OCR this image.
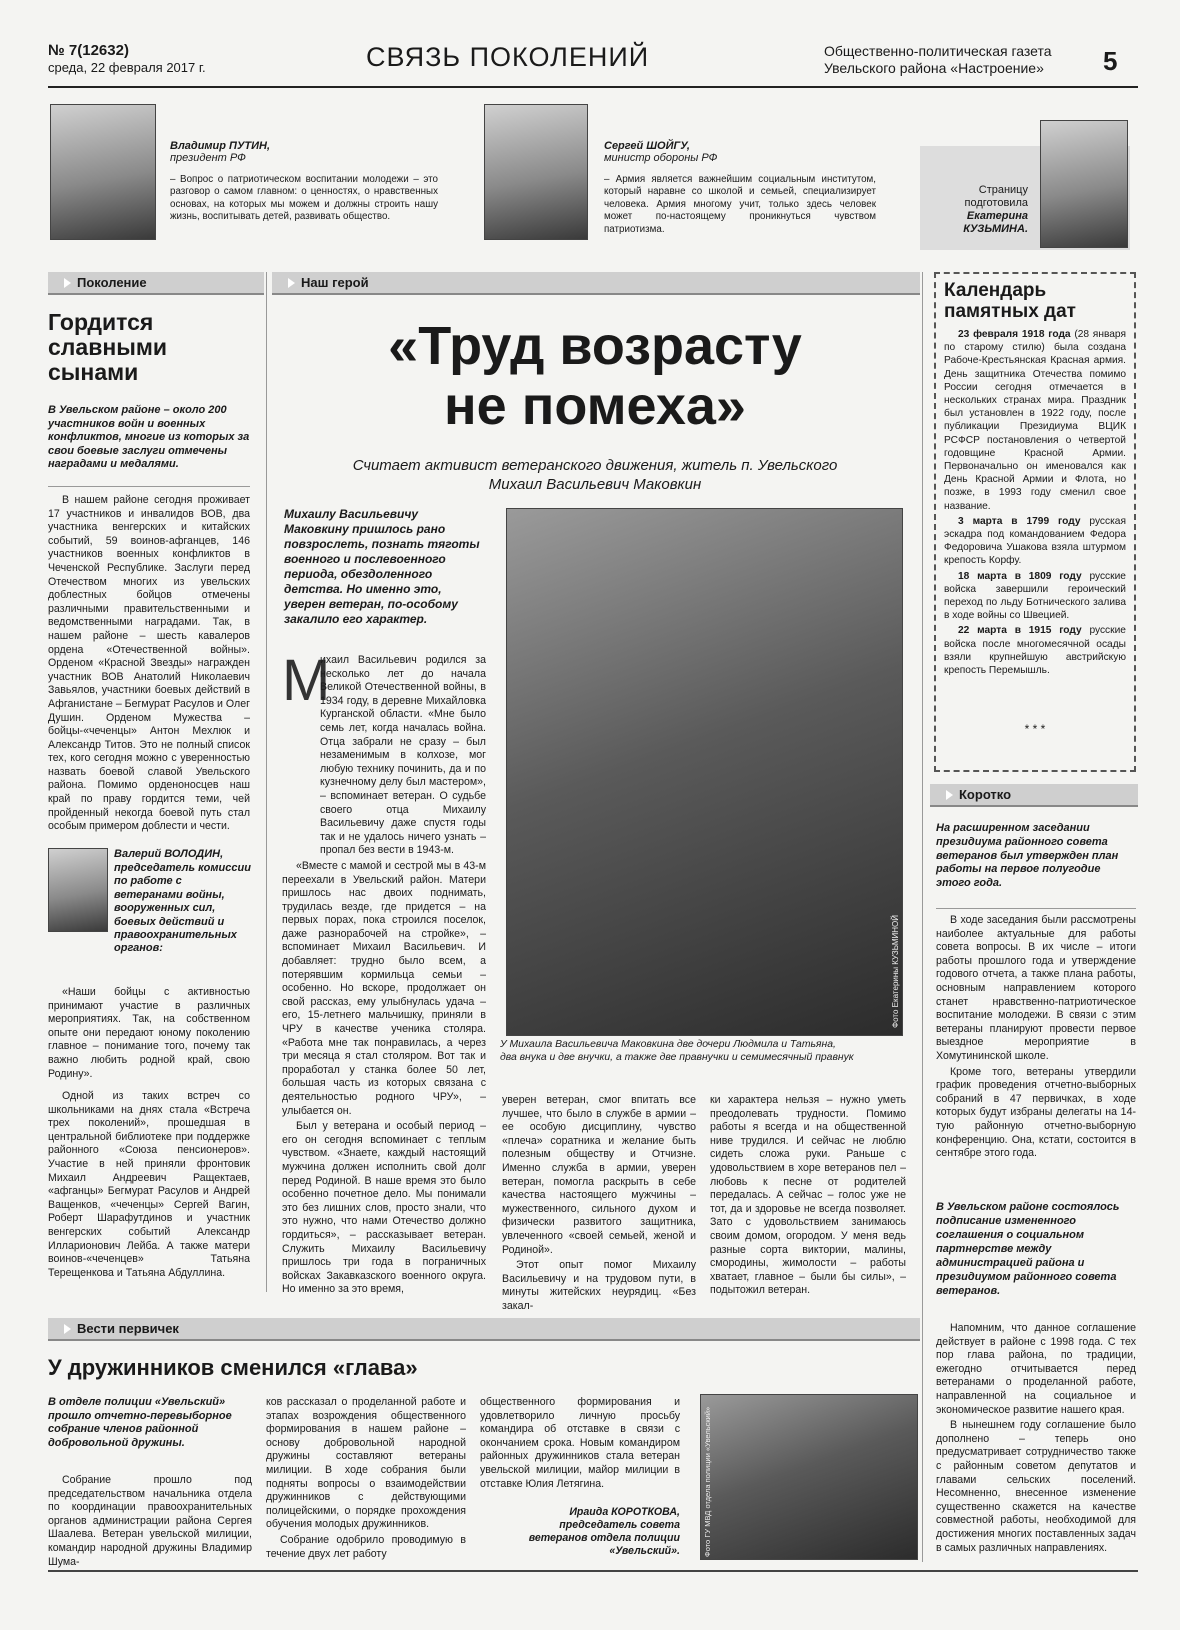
№ 7(12632)
среда, 22 февраля 2017 г.	СВЯЗЬ ПОКОЛЕНИЙ	Общественно-политическая газета
Увельского района «Настроение» 5
Владимир ПУТИН,
президент РФ
– Вопрос о патриотическом воспитании молодежи – это разговор о самом главном: о ценностях, о нравственных основах, на которых мы можем и должны строить нашу жизнь, воспитывать детей, развивать общество.
Сергей ШОЙГУ,
министр обороны РФ
– Армия является важнейшим социальным институтом, который наравне со школой и семьей, специализирует человека. Армия многому учит, только здесь человек может по-настоящему проникнуться чувством патриотизма.
Страницу
подготовила
Екатерина
КУЗЬМИНА.
Поколение	Наш герой
Гордится славными сынами
В Увельском районе – около 200 участников войн и военных конфликтов, многие из которых за свои боевые заслуги отмечены наградами и медалями.

В нашем районе сегодня проживает 17 участников и инвалидов ВОВ, два участника венгерских и китайских событий, 59 воинов-афганцев, 146 участников военных конфликтов в Чеченской Республике. Заслуги перед Отечеством многих из увельских доблестных бойцов отмечены различными правительственными и ведомственными наградами. Так, в нашем районе – шесть кавалеров ордена «Отечественной войны». Орденом «Красной Звезды» награжден участник ВОВ Анатолий Николаевич Завьялов, участники боевых действий в Афганистане – Бегмурат Расулов и Олег Душин. Орденом Мужества – бойцы-«чеченцы» Антон Мехлюк и Александр Титов. Это не полный список тех, кого сегодня можно с уверенностью назвать боевой славой Увельского района. Помимо орденоносцев наш край по праву гордится теми, чей пройденный некогда боевой путь стал особым примером доблести и чести.

Валерий ВОЛОДИН,
председатель комиссии по работе с ветеранами войны, вооруженных сил, боевых действий и правоохранительных органов:

«Наши бойцы с активностью принимают участие в различных мероприятиях. Так, на собственном опыте они передают юному поколению главное – понимание того, почему так важно любить родной край, свою Родину».

Одной из таких встреч со школьниками на днях стала «Встреча трех поколений», прошедшая в центральной библиотеке при поддержке районного «Союза пенсионеров». Участие в ней приняли фронтовик Михаил Андреевич Ращектаев, «афганцы» Бегмурат Расулов и Андрей Ващенков, «чеченцы» Сергей Вагин, Роберт Шарафутдинов и участник венгерских событий Александр Илларионович Лейба. А также матери воинов-«чеченцев» Татьяна Терещенкова и Татьяна Абдуллина.

«Труд возрасту
не помеха»
Считает активист ветеранского движения, житель п. Увельского
Михаил Васильевич Маковкин
Михаилу Васильевичу Маковкину пришлось рано повзрослеть, познать тяготы военного и послевоенного периода, обездоленного детства. Но именно это, уверен ветеран, по-особому закалило его характер.
Фото Екатерины КУЗЬМИНОЙ
У Михаила Васильевича Маковкина две дочери Людмила и Татьяна,
два внука и две внучки, а также две правнучки и семимесячный правнук
М

ихаил Васильевич родился за несколько лет до начала Великой Отечественной войны, в 1934 году, в деревне Михайловка Курганской области. «Мне было семь лет, когда началась война. Отца забрали не сразу – был незаменимым в колхозе, мог любую технику починить, да и по кузнечному делу был мастером», – вспоминает ветеран. О судьбе своего отца Михаилу Васильевичу даже спустя годы так и не удалось ничего узнать – пропал без вести в 1943-м.

«Вместе с мамой и сестрой мы в 43-м переехали в Увельский район. Матери пришлось нас двоих поднимать, трудилась везде, где придется – на первых порах, пока строился поселок, даже разнорабочей на стройке», – вспоминает Михаил Васильевич. И добавляет: трудно было всем, а потерявшим кормильца семьи – особенно. Но вскоре, продолжает он свой рассказ, ему улыбнулась удача – его, 15-летнего мальчишку, приняли в ЧРУ в качестве ученика столяра. «Работа мне так понравилась, а через три месяца я стал столяром. Вот так и проработал у станка более 50 лет, большая часть из которых связана с деятельностью родного ЧРУ», – улыбается он.

Был у ветерана и особый период – его он сегодня вспоминает с теплым чувством. «Знаете, каждый настоящий мужчина должен исполнить свой долг перед Родиной. В наше время это было особенно почетное дело. Мы понимали это без лишних слов, просто знали, что это нужно, что нами Отечество должно гордиться», – рассказывает ветеран. Служить Михаилу Васильевичу пришлось три года в пограничных войсках Закавказского военного округа. Но именно за это время,

уверен ветеран, смог впитать все лучшее, что было в службе в армии – ее особую дисциплину, чувство «плеча» соратника и желание быть полезным обществу и Отчизне. Именно служба в армии, уверен ветеран, помогла раскрыть в себе качества настоящего мужчины – мужественного, сильного духом и физически развитого защитника, увлеченного «своей семьей, женой и Родиной».

Этот опыт помог Михаилу Васильевичу и на трудовом пути, в минуты житейских неурядиц. «Без закал-

ки характера нельзя – нужно уметь преодолевать трудности. Помимо работы я всегда и на общественной ниве трудился. И сейчас не люблю сидеть сложа руки. Раньше с удовольствием в хоре ветеранов пел – любовь к песне от родителей передалась. А сейчас – голос уже не тот, да и здоровье не всегда позволяет. Зато с удовольствием занимаюсь своим домом, огородом. У меня ведь разные сорта виктории, малины, смородины, жимолости – работы хватает, главное – были бы силы», – подытожил ветеран.

Календарь
памятных дат

23 февраля 1918 года (28 января по старому стилю) была создана Рабоче-Крестьянская Красная армия. День защитника Отечества помимо России сегодня отмечается в нескольких странах мира. Праздник был установлен в 1922 году, после публикации Президиума ВЦИК РСФСР постановления о четвертой годовщине Красной Армии. Первоначально он именовался как День Красной Армии и Флота, но позже, в 1993 году сменил свое название.

3 марта в 1799 году русская эскадра под командованием Федора Федоровича Ушакова взяла штурмом крепость Корфу.

18 марта в 1809 году русские войска завершили героический переход по льду Ботнического залива в ходе войны со Швецией.

22 марта в 1915 году русские войска после многомесячной осады взяли крупнейшую австрийскую крепость Перемышль.

* * *
Коротко
На расширенном заседании президиума районного совета ветеранов был утвержден план работы на первое полугодие этого года.

В ходе заседания были рассмотрены наиболее актуальные для работы совета вопросы. В их числе – итоги работы прошлого года и утверждение годового отчета, а также плана работы, основным направлением которого станет нравственно-патриотическое воспитание молодежи. В связи с этим ветераны планируют провести первое выездное мероприятие в Хомутининской школе.

Кроме того, ветераны утвердили график проведения отчетно-выборных собраний в 47 первичках, в ходе которых будут избраны делегаты на 14-тую районную отчетно-выборную конференцию. Она, кстати, состоится в сентябре этого года.

В Увельском районе состоялось подписание измененного соглашения о социальном партнерстве между администрацией района и президиумом районного совета ветеранов.

Напомним, что данное соглашение действует в районе с 1998 года. С тех пор глава района, по традиции, ежегодно отчитывается перед ветеранами о проделанной работе, направленной на социальное и экономическое развитие нашего края.

В нынешнем году соглашение было дополнено – теперь оно предусматривает сотрудничество также с районным советом депутатов и главами сельских поселений. Несомненно, внесенное изменение существенно скажется на качестве совместной работы, необходимой для достижения многих поставленных задач в самых различных направлениях.

Вести первичек
У дружинников сменился «глава»
В отделе полиции «Увельский» прошло отчетно-перевыборное собрание членов районной добровольной дружины.

Собрание прошло под председательством начальника отдела по координации правоохранительных органов администрации района Сергея Шаалева. Ветеран увельской милиции, командир народной дружины Владимир Шума-

ков рассказал о проделанной работе и этапах возрождения общественного формирования в нашем районе – основу добровольной народной дружины составляют ветераны милиции. В ходе собрания были подняты вопросы о взаимодействии дружинников с действующими полицейскими, о порядке прохождения обучения молодых дружинников.

Собрание одобрило проводимую в течение двух лет работу

общественного формирования и удовлетворило личную просьбу командира об отставке в связи с окончанием срока. Новым командиром районных дружинников стала ветеран увельской милиции, майор милиции в отставке Юлия Летягина.

Ирaида КОРОТКОВА,
председатель совета
ветеранов отдела полиции
«Увельский».	Фото ГУ МВД отдела полиции «Увельский»
